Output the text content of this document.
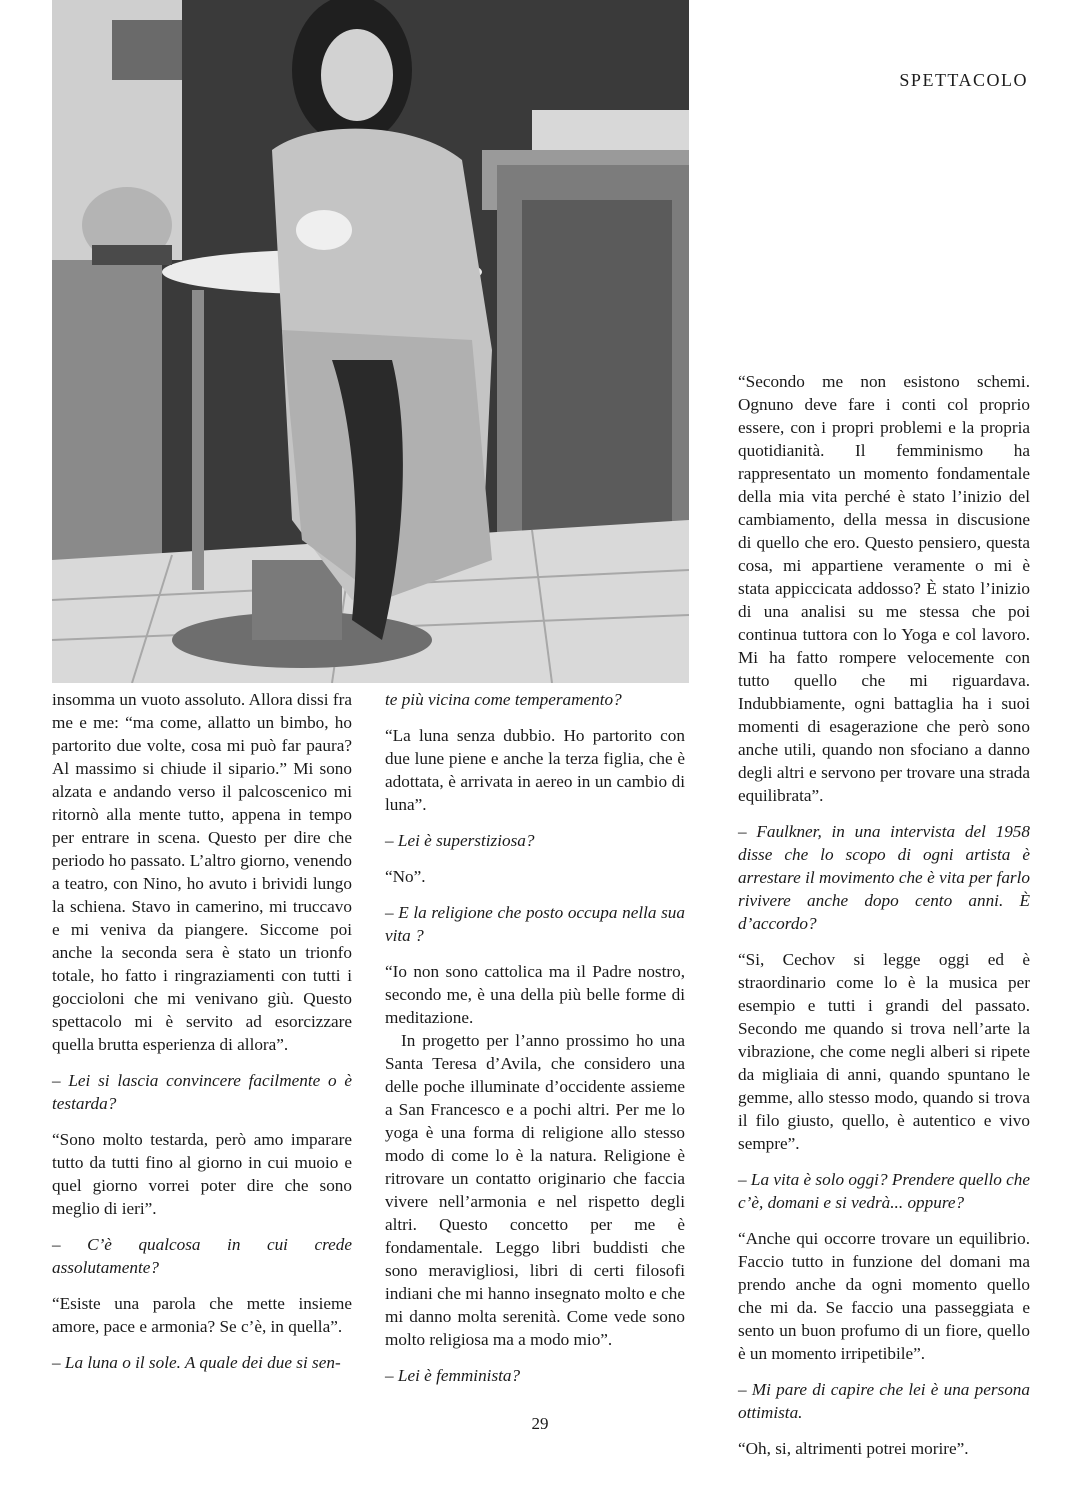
SPETTACOLO

insomma un vuoto assoluto. Allora dissi fra me e me: “ma come, allatto un bimbo, ho partorito due volte, cosa mi può far paura? Al massimo si chiude il sipario.” Mi sono alzata e andando verso il palcoscenico mi ritornò alla mente tutto, appena in tempo per entrare in scena. Questo per dire che periodo ho passato. L’altro giorno, venendo a teatro, con Nino, ho avuto i brividi lungo la schiena. Stavo in camerino, mi truccavo e mi veniva da piangere. Siccome poi anche la seconda sera è stato un trionfo totale, ho fatto i ringraziamenti con tutti i goccioloni che mi venivano giù. Questo spettacolo mi è servito ad esorcizzare quella brutta esperienza di allora”.

– Lei si lascia convincere facilmente o è testarda?

“Sono molto testarda, però amo imparare tutto da tutti fino al giorno in cui muoio e quel giorno vorrei poter dire che sono meglio di ieri”.

– C’è qualcosa in cui crede assolutamente?

“Esiste una parola che mette insieme amore, pace e armonia? Se c’è, in quella”.

– La luna o il sole. A quale dei due si sen-

te più vicina come temperamento?

“La luna senza dubbio. Ho partorito con due lune piene e anche la terza figlia, che è adottata, è arrivata in aereo in un cambio di luna”.

– Lei è superstiziosa?

“No”.

– E la religione che posto occupa nella sua vita ?

“Io non sono cattolica ma il Padre nostro, secondo me, è una della più belle forme di meditazione.

In progetto per l’anno prossimo ho una Santa Teresa d’Avila, che considero una delle poche illuminate d’occidente assieme a San Francesco e a pochi altri. Per me lo yoga è una forma di religione allo stesso modo di come lo è la natura. Religione è ritrovare un contatto originario che faccia vivere nell’armonia e nel rispetto degli altri. Questo concetto per me è fondamentale. Leggo libri buddisti che sono meravigliosi, libri di certi filosofi indiani che mi hanno insegnato molto e che mi danno molta serenità. Come vede sono molto religiosa ma a modo mio”.

– Lei è femminista?

“Secondo me non esistono schemi. Ognuno deve fare i conti col proprio essere, con i propri problemi e la propria quotidianità. Il femminismo ha rappresentato un momento fondamentale della mia vita perché è stato l’inizio del cambiamento, della messa in discusione di quello che ero. Questo pensiero, questa cosa, mi appartiene veramente o mi è stata appiccicata addosso? È stato l’inizio di una analisi su me stessa che poi continua tuttora con lo Yoga e col lavoro. Mi ha fatto rompere velocemente con tutto quello che mi riguardava. Indubbiamente, ogni battaglia ha i suoi momenti di esagerazione che però sono anche utili, quando non sfociano a danno degli altri e servono per trovare una strada equilibrata”.

– Faulkner, in una intervista del 1958 disse che lo scopo di ogni artista è arrestare il movimento che è vita per farlo rivivere anche dopo cento anni. È d’accordo?

“Si, Cechov si legge oggi ed è straordinario come lo è la musica per esempio e tutti i grandi del passato. Secondo me quando si trova nell’arte la vibrazione, che come negli alberi si ripete da migliaia di anni, quando spuntano le gemme, allo stesso modo, quando si trova il filo giusto, quello, è autentico e vivo sempre”.

– La vita è solo oggi? Prendere quello che c’è, domani e si vedrà... oppure?

“Anche qui occorre trovare un equilibrio. Faccio tutto in funzione del domani ma prendo anche da ogni momento quello che mi da. Se faccio una passeggiata e sento un buon profumo di un fiore, quello è un momento irripetibile”.

– Mi pare di capire che lei è una persona ottimista.

“Oh, si, altrimenti potrei morire”.

29
